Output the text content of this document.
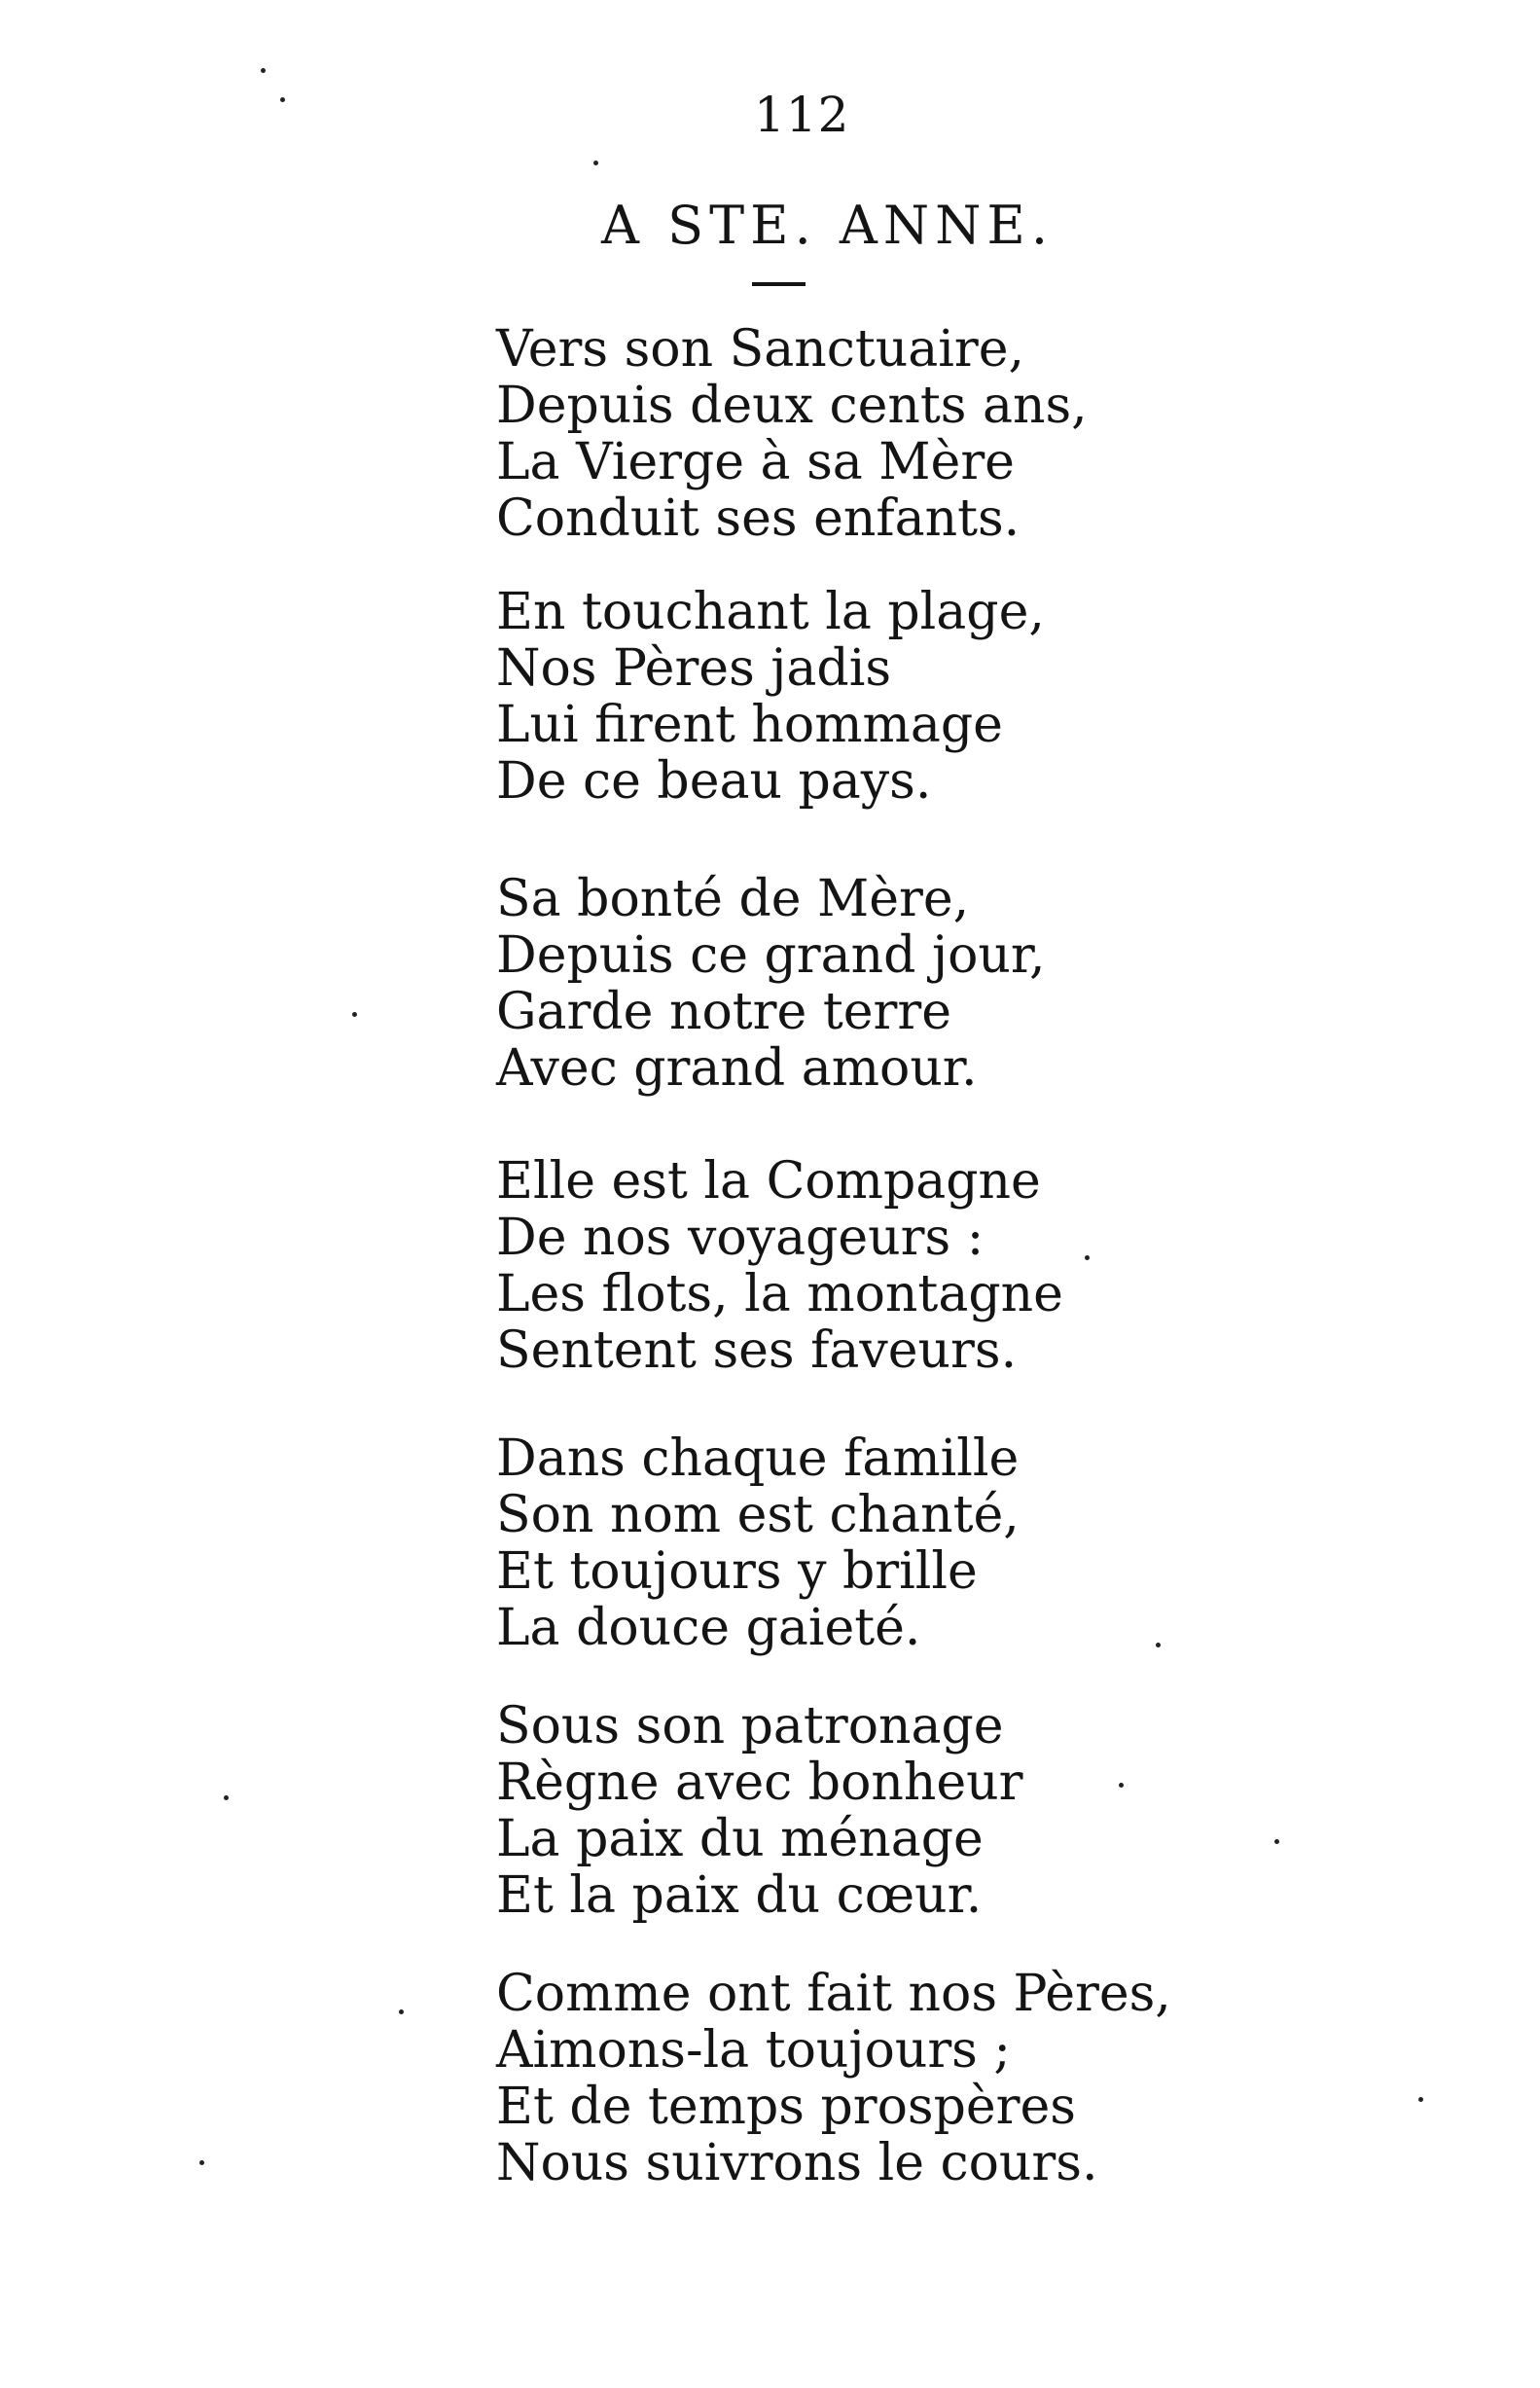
112
A STE. ANNE.
Vers son Sanctuaire,
Depuis deux cents ans,
La Vierge à sa Mère
Conduit ses enfants.
En touchant la plage,
Nos Pères jadis
Lui firent hommage
De ce beau pays.
Sa bonté de Mère,
Depuis ce grand jour,
Garde notre terre
Avec grand amour.
Elle est la Compagne
De nos voyageurs :
Les flots, la montagne
Sentent ses faveurs.
Dans chaque famille
Son nom est chanté,
Et toujours y brille
La douce gaieté.
Sous son patronage
Règne avec bonheur
La paix du ménage
Et la paix du cœur.
Comme ont fait nos Pères,
Aimons-la toujours ;
Et de temps prospères
Nous suivrons le cours.
